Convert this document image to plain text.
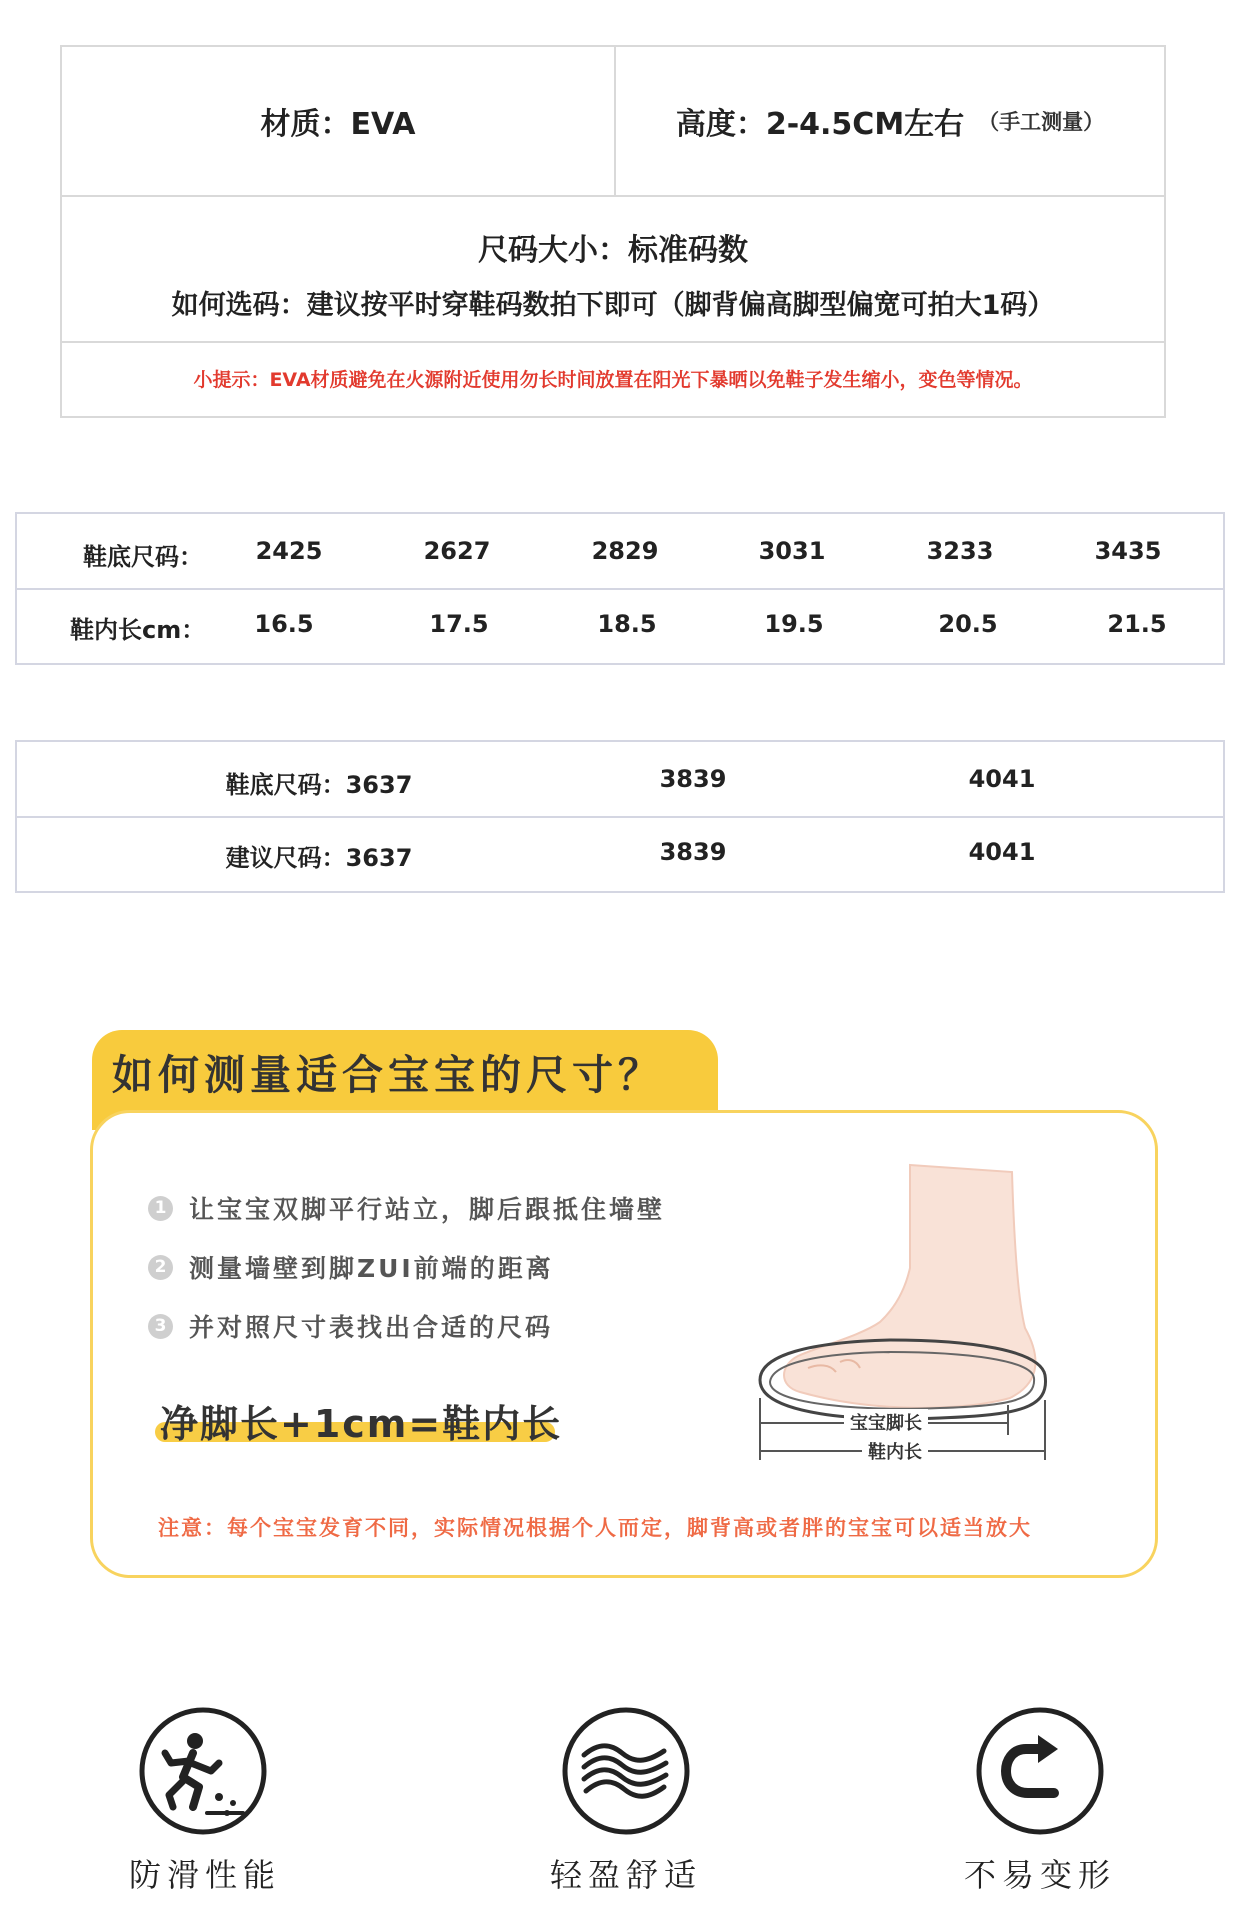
材质：EVA	高度：2-4.5CM左右 （手工测量）
尺码大小：标准码数
如何选码：建议按平时穿鞋码数拍下即可（脚背偏高脚型偏宽可拍大1码）
小提示：EVA材质避免在火源附近使用勿长时间放置在阳光下暴晒以免鞋子发生缩小，变色等情况。
鞋底尺码： 2425	2627	2829	3031	3233	3435
鞋内长cm： 16.5	17.5	18.5	19.5	20.5	21.5
鞋底尺码：3637	3839	4041
建议尺码：3637	3839	4041
如何测量适合宝宝的尺寸？
1 让宝宝双脚平行站立，脚后跟抵住墙壁
2 测量墙壁到脚ZUI前端的距离
3 并对照尺寸表找出合适的尺码
净脚长+1cm=鞋内长	宝宝脚长
鞋内长
注意：每个宝宝发育不同，实际情况根据个人而定，脚背高或者胖的宝宝可以适当放大
防滑性能	轻盈舒适	不易变形
